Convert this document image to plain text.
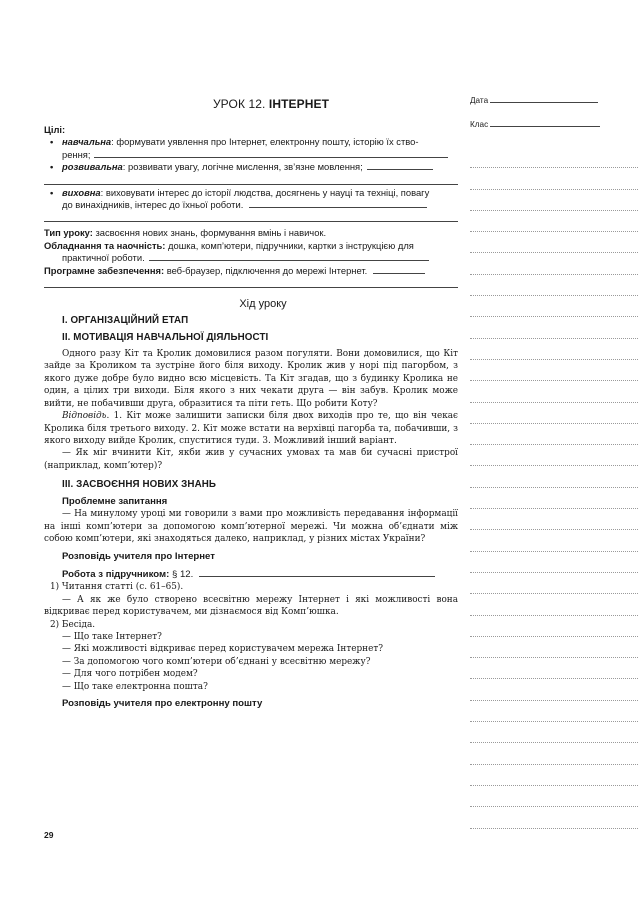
Дата
Клас
УРОК 12. ІНТЕРНЕТ
Цілі:
• навчальна: формувати уявлення про Інтернет, електронну пошту, історію їх ство-
рення;
• розвивальна: розвивати увагу, логічне мислення, зв’язне мовлення;
• виховна: виховувати інтерес до історії людства, досягнень у науці та техніці, повагу
до винахідників, інтерес до їхньої роботи.
Тип уроку: засвоєння нових знань, формування вмінь і навичок.
Обладнання та наочність: дошка, комп’ютери, підручники, картки з інструкцією для
практичної роботи.
Програмне забезпечення: веб-браузер, підключення до мережі Інтернет.
Хід уроку
I. ОРГАНІЗАЦІЙНИЙ ЕТАП
II. МОТИВАЦІЯ НАВЧАЛЬНОЇ ДІЯЛЬНОСТІ

Одного разу Кіт та Кролик домовилися разом погуляти. Вони домовилися, що Кіт зайде за Кроликом та зустріне його біля виходу. Кролик жив у норі під пагорбом, з якого дуже добре було видно всю місцевість. Та Кіт згадав, що з будинку Кролика не один, а цілих три виходи. Біля якого з них чекати друга — він забув. Кролик може вийти, не побачивши друга, образитися та піти геть. Що робити Коту?

Відповідь. 1. Кіт може залишити записки біля двох виходів про те, що він чекає Кролика біля третього виходу. 2. Кіт може встати на верхівці пагорба та, побачивши, з якого виходу вийде Кролик, спуститися туди. 3. Можливий інший варіант.

— Як міг вчинити Кіт, якби жив у сучасних умовах та мав би сучасні пристрої (наприклад, комп’ютер)?

III. ЗАСВОЄННЯ НОВИХ ЗНАНЬ
Проблемне запитання

— На минулому уроці ми говорили з вами про можливість передавання інформації на інші комп’ютери за допомогою комп’ютерної мережі. Чи можна об’єднати між собою комп’ютери, які знаходяться далеко, наприклад, у різних містах України?

Розповідь учителя про Інтернет
Робота з підручником: § 12.
1) Читання статті (с. 61–65).

— А як же було створено всесвітню мережу Інтернет і які можливості вона відкриває перед користувачем, ми дізнаємося від Комп’юшка.

2) Бесіда.
— Що таке Інтернет?
— Які можливості відкриває перед користувачем мережа Інтернет?
— За допомогою чого комп’ютери об’єднані у всесвітню мережу?
— Для чого потрібен модем?
— Що таке електронна пошта?
Розповідь учителя про електронну пошту
29
